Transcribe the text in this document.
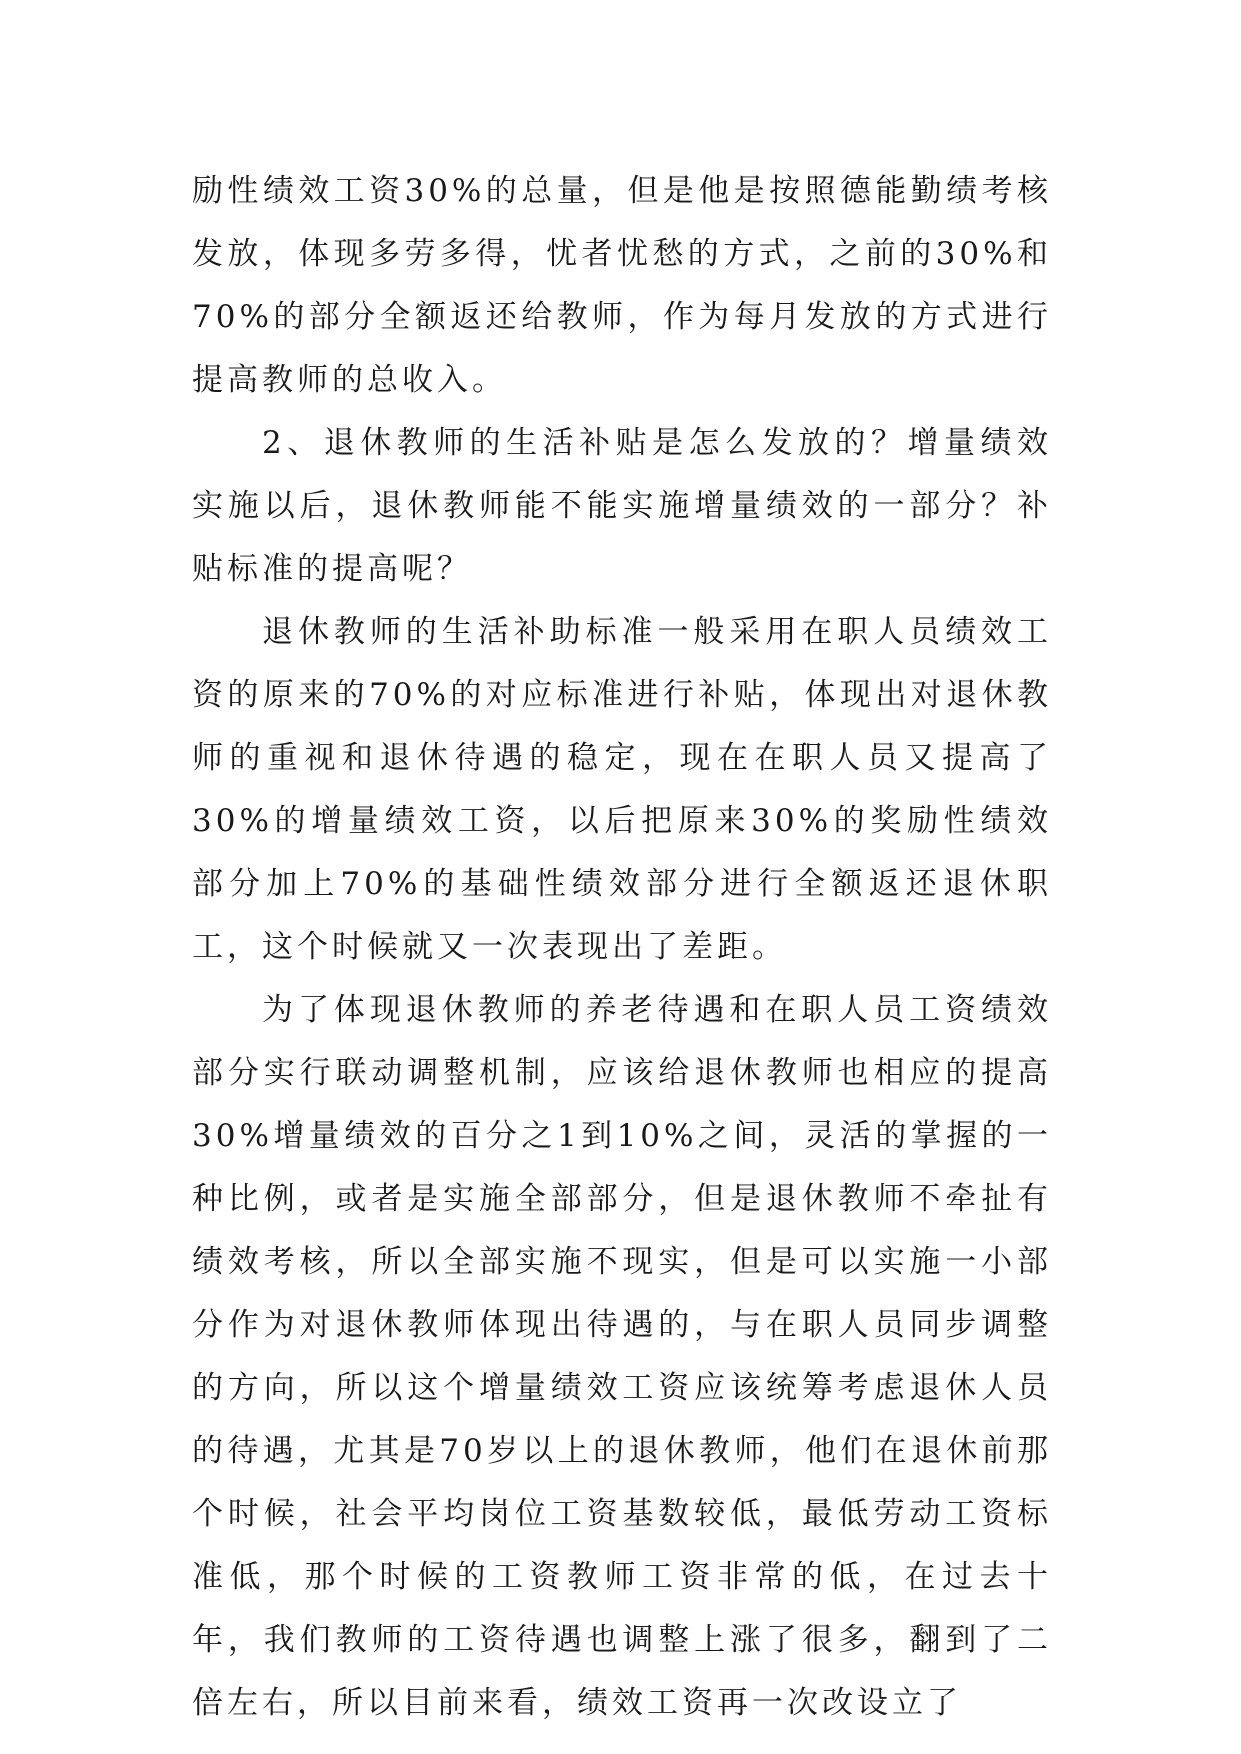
励性绩效工资30%的总量，但是他是按照德能勤绩考核发放，体现多劳多得，忧者忧愁的方式，之前的30%和70%的部分全额返还给教师，作为每月发放的方式进行提高教师的总收入。

2、退休教师的生活补贴是怎么发放的？增量绩效实施以后，退休教师能不能实施增量绩效的一部分？补贴标准的提高呢？

退休教师的生活补助标准一般采用在职人员绩效工资的原来的70%的对应标准进行补贴，体现出对退休教师的重视和退休待遇的稳定，现在在职人员又提高了30%的增量绩效工资，以后把原来30%的奖励性绩效部分加上70%的基础性绩效部分进行全额返还退休职工，这个时候就又一次表现出了差距。

为了体现退休教师的养老待遇和在职人员工资绩效部分实行联动调整机制，应该给退休教师也相应的提高30%增量绩效的百分之1到10%之间，灵活的掌握的一种比例，或者是实施全部部分，但是退休教师不牵扯有绩效考核，所以全部实施不现实，但是可以实施一小部分作为对退休教师体现出待遇的，与在职人员同步调整的方向，所以这个增量绩效工资应该统筹考虑退休人员的待遇，尤其是70岁以上的退休教师，他们在退休前那个时候，社会平均岗位工资基数较低，最低劳动工资标准低，那个时候的工资教师工资非常的低，在过去十年，我们教师的工资待遇也调整上涨了很多，翻到了二倍左右，所以目前来看，绩效工资再一次改设立了
